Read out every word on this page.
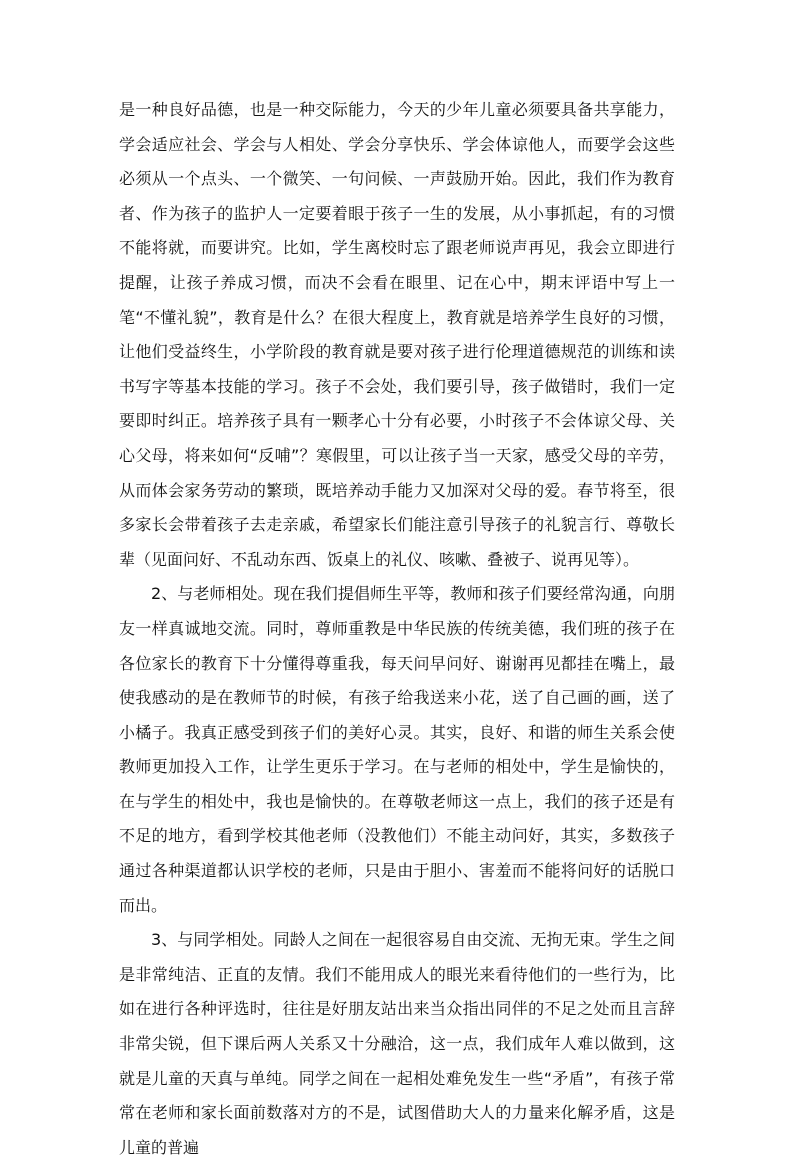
是一种良好品德，也是一种交际能力，今天的少年儿童必须要具备共享能力，学会适应社会、学会与人相处、学会分享快乐、学会体谅他人，而要学会这些必须从一个点头、一个微笑、一句问候、一声鼓励开始。因此，我们作为教育者、作为孩子的监护人一定要着眼于孩子一生的发展，从小事抓起，有的习惯不能将就，而要讲究。比如，学生离校时忘了跟老师说声再见，我会立即进行提醒，让孩子养成习惯，而决不会看在眼里、记在心中，期末评语中写上一笔“不懂礼貌”，教育是什么？在很大程度上，教育就是培养学生良好的习惯，让他们受益终生，小学阶段的教育就是要对孩子进行伦理道德规范的训练和读书写字等基本技能的学习。孩子不会处，我们要引导，孩子做错时，我们一定要即时纠正。培养孩子具有一颗孝心十分有必要，小时孩子不会体谅父母、关心父母，将来如何“反哺”？寒假里，可以让孩子当一天家，感受父母的辛劳，从而体会家务劳动的繁琐，既培养动手能力又加深对父母的爱。春节将至，很多家长会带着孩子去走亲戚，希望家长们能注意引导孩子的礼貌言行、尊敬长辈（见面问好、不乱动东西、饭桌上的礼仪、咳嗽、叠被子、说再见等）。

2、与老师相处。现在我们提倡师生平等，教师和孩子们要经常沟通，向朋友一样真诚地交流。同时，尊师重教是中华民族的传统美德，我们班的孩子在各位家长的教育下十分懂得尊重我，每天问早问好、谢谢再见都挂在嘴上，最使我感动的是在教师节的时候，有孩子给我送来小花，送了自己画的画，送了小橘子。我真正感受到孩子们的美好心灵。其实，良好、和谐的师生关系会使教师更加投入工作，让学生更乐于学习。在与老师的相处中，学生是愉快的，在与学生的相处中，我也是愉快的。在尊敬老师这一点上，我们的孩子还是有不足的地方，看到学校其他老师（没教他们）不能主动问好，其实，多数孩子通过各种渠道都认识学校的老师，只是由于胆小、害羞而不能将问好的话脱口而出。

3、与同学相处。同龄人之间在一起很容易自由交流、无拘无束。学生之间是非常纯洁、正直的友情。我们不能用成人的眼光来看待他们的一些行为，比如在进行各种评选时，往往是好朋友站出来当众指出同伴的不足之处而且言辞非常尖锐，但下课后两人关系又十分融洽，这一点，我们成年人难以做到，这就是儿童的天真与单纯。同学之间在一起相处难免发生一些“矛盾”，有孩子常常在老师和家长面前数落对方的不是，试图借助大人的力量来化解矛盾，这是儿童的普遍
